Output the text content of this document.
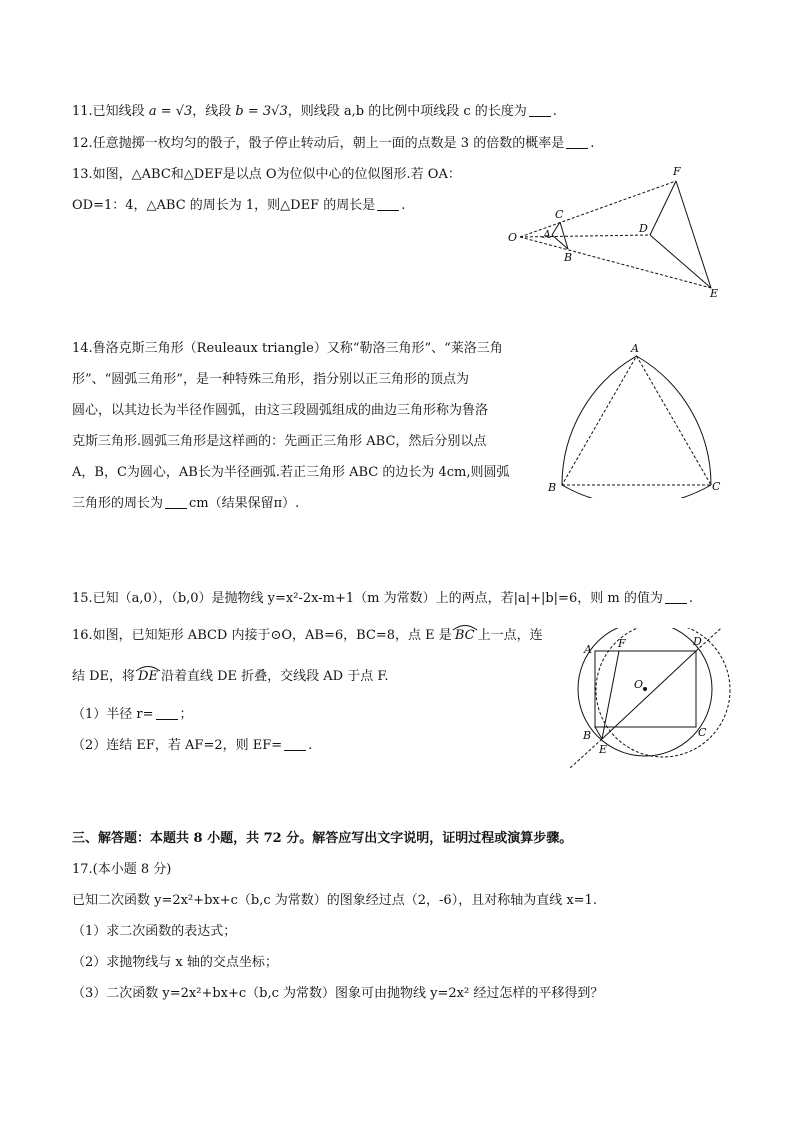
11.已知线段 a = √3，线段 b = 3√3，则线段 a,b 的比例中项线段 c 的长度为 .
12.任意抛掷一枚均匀的骰子，骰子停止转动后，朝上一面的点数是 3 的倍数的概率是 .
13.如图，△ABC和△DEF是以点 O为位似中心的位似图形.若 OA：
OD=1：4，△ABC 的周长为 1，则△DEF 的周长是 .
O A
C
B
D
F
E
14.鲁洛克斯三角形（Reuleaux triangle）又称“勒洛三角形”、“莱洛三角
形”、“圆弧三角形”，是一种特殊三角形，指分别以正三角形的顶点为
圆心，以其边长为半径作圆弧，由这三段圆弧组成的曲边三角形称为鲁洛
克斯三角形.圆弧三角形是这样画的：先画正三角形 ABC，然后分别以点
A，B，C为圆心，AB长为半径画弧.若正三角形 ABC 的边长为 4cm,则圆弧
三角形的周长为 cm（结果保留π）.
A
B	C
15.已知（a,0），（b,0）是抛物线 y=x²-2x-m+1（m 为常数）上的两点，若|a|+|b|=6，则 m 的值为 .
16.如图，已知矩形 ABCD 内接于⊙O，AB=6，BC=8，点 E 是 BC 上一点，连
结 DE，将 DE 沿着直线 DE 折叠，交线段 AD 于点 F.
（1）半径 r= ；
（2）连结 EF，若 AF=2，则 EF= .
A F	D
O
B
E
C
三、解答题：本题共 8 小题，共 72 分。解答应写出文字说明，证明过程或演算步骤。
17.(本小题 8 分)
已知二次函数 y=2x²+bx+c（b,c 为常数）的图象经过点（2，-6），且对称轴为直线 x=1.
（1）求二次函数的表达式；
（2）求抛物线与 x 轴的交点坐标；
（3）二次函数 y=2x²+bx+c（b,c 为常数）图象可由抛物线 y=2x² 经过怎样的平移得到？
